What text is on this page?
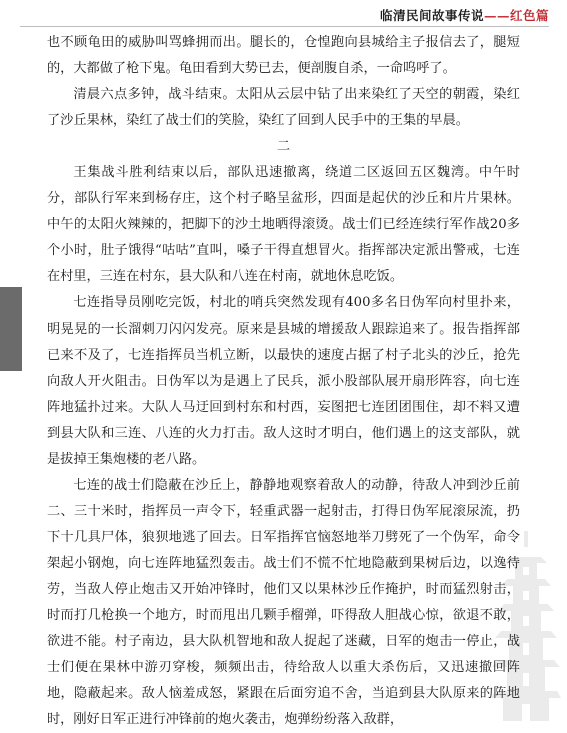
临清民间故事传说——红色篇

也不顾龟田的威胁叫骂蜂拥而出。腿长的，仓惶跑向县城给主子报信去了，腿短的，大都做了枪下鬼。龟田看到大势已去，便剖腹自杀，一命呜呼了。

清晨六点多钟，战斗结束。太阳从云层中钻了出来染红了天空的朝霞，染红了沙丘果林，染红了战士们的笑脸，染红了回到人民手中的王集的早晨。

二

王集战斗胜利结束以后，部队迅速撤离，绕道二区返回五区魏湾。中午时分，部队行军来到杨存庄，这个村子略呈盆形，四面是起伏的沙丘和片片果林。中午的太阳火辣辣的，把脚下的沙土地晒得滚烫。战士们已经连续行军作战20多个小时，肚子饿得“咕咕”直叫，嗓子干得直想冒火。指挥部决定派出警戒，七连在村里，三连在村东，县大队和八连在村南，就地休息吃饭。

七连指导员刚吃完饭，村北的哨兵突然发现有400多名日伪军向村里扑来，明晃晃的一长溜刺刀闪闪发亮。原来是县城的增援敌人跟踪追来了。报告指挥部已来不及了，七连指挥员当机立断，以最快的速度占据了村子北头的沙丘，抢先向敌人开火阻击。日伪军以为是遇上了民兵，派小股部队展开扇形阵容，向七连阵地猛扑过来。大队人马迂回到村东和村西，妄图把七连团团围住，却不料又遭到县大队和三连、八连的火力打击。敌人这时才明白，他们遇上的这支部队，就是拔掉王集炮楼的老八路。

七连的战士们隐蔽在沙丘上，静静地观察着敌人的动静，待敌人冲到沙丘前二、三十米时，指挥员一声令下，轻重武器一起射击，打得日伪军屁滚尿流，扔下十几具尸体，狼狈地逃了回去。日军指挥官恼怒地举刀劈死了一个伪军，命令架起小钢炮，向七连阵地猛烈轰击。战士们不慌不忙地隐蔽到果树后边，以逸待劳，当敌人停止炮击又开始冲锋时，他们又以果林沙丘作掩护，时而猛烈射击，时而打几枪换一个地方，时而甩出几颗手榴弹，吓得敌人胆战心惊，欲退不敢，欲进不能。村子南边，县大队机智地和敌人捉起了迷藏，日军的炮击一停止，战士们便在果林中游刃穿梭，频频出击，待给敌人以重大杀伤后，又迅速撤回阵地，隐蔽起来。敌人恼羞成怒，紧跟在后面穷追不舍，当追到县大队原来的阵地时，刚好日军正进行冲锋前的炮火袭击，炮弹纷纷落入敌群，
